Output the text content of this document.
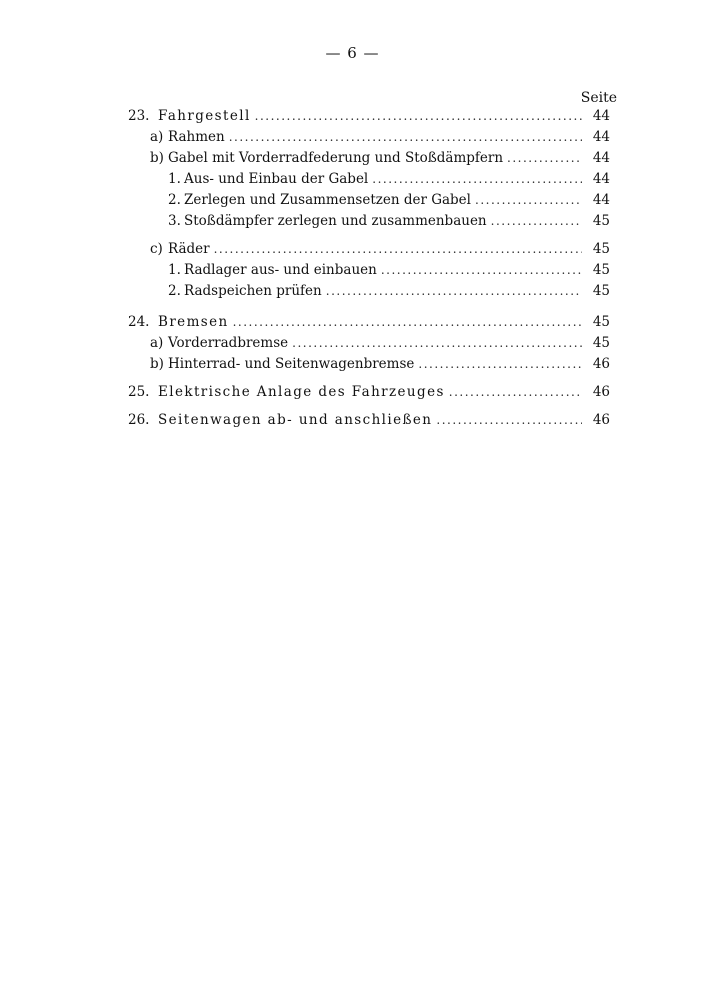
— 6 —
Seite
23. Fahrgestell .....	44
a) Rahmen .....	44
b) Gabel mit Vorderradfederung und Stoßdämpfern .....	44
1. Aus- und Einbau der Gabel .....	44
2. Zerlegen und Zusammensetzen der Gabel .....	44
3. Stoßdämpfer zerlegen und zusammenbauen .....	45
c) Räder .....	45
1. Radlager aus- und einbauen .....	45
2. Radspeichen prüfen .....	45
24. Bremsen .....	45
a) Vorderradbremse .....	45
b) Hinterrad- und Seitenwagenbremse .....	46
25. Elektrische Anlage des Fahrzeuges .....	46
26. Seitenwagen ab- und anschließen .....	46
